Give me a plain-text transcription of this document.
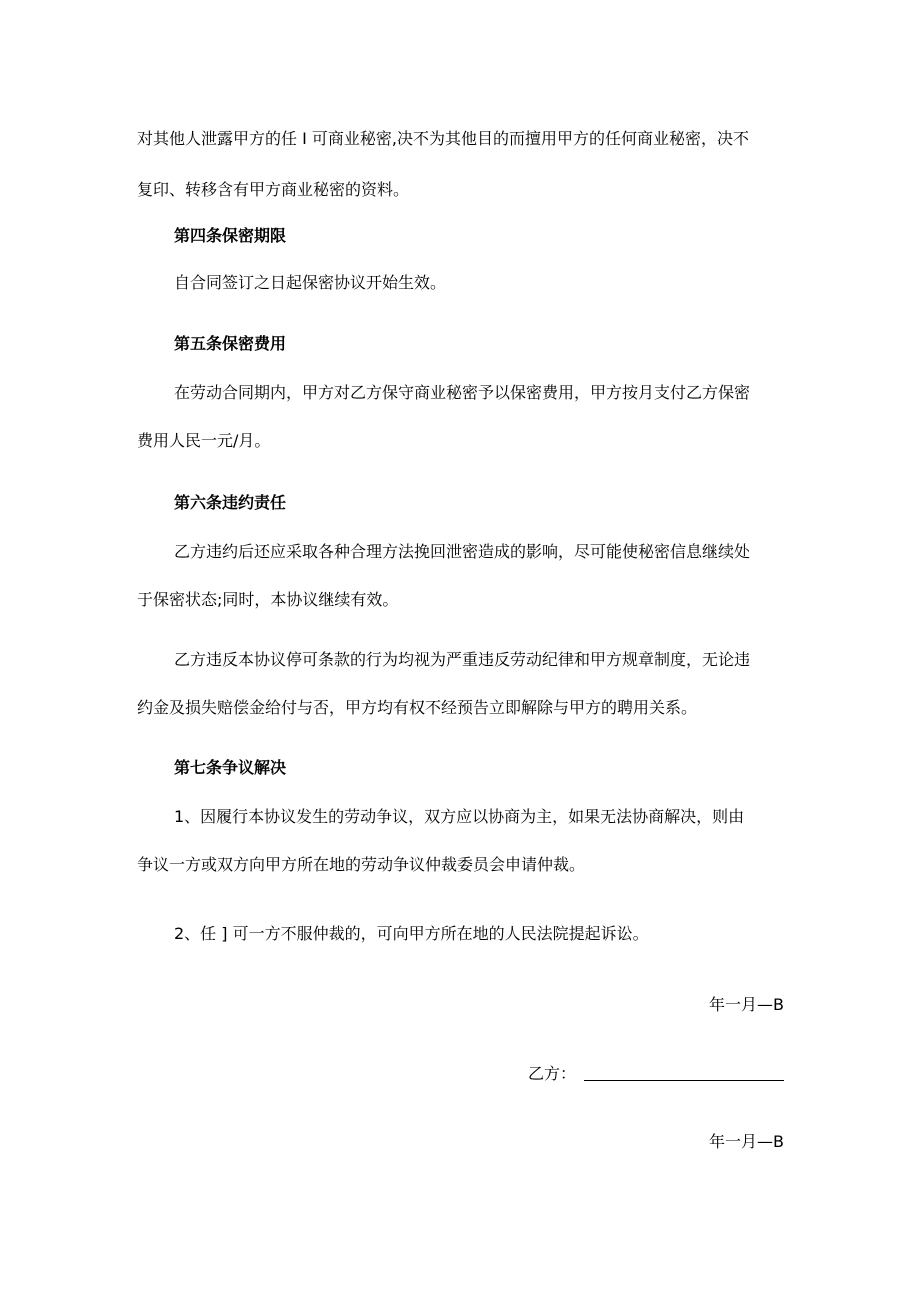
对其他人泄露甲方的任 I 可商业秘密,决不为其他目的而擅用甲方的任何商业秘密，决不
复印、转移含有甲方商业秘密的资料。
第四条保密期限
自合同签订之日起保密协议开始生效。
第五条保密费用
在劳动合同期内，甲方对乙方保守商业秘密予以保密费用，甲方按月支付乙方保密
费用人民一元/月。
第六条违约责任
乙方违约后还应采取各种合理方法挽回泄密造成的影响，尽可能使秘密信息继续处
于保密状态;同时，本协议继续有效。
乙方违反本协议停可条款的行为均视为严重违反劳动纪律和甲方规章制度，无论违
约金及损失赔偿金给付与否，甲方均有权不经预告立即解除与甲方的聘用关系。
第七条争议解决
1、因履行本协议发生的劳动争议，双方应以协商为主，如果无法协商解决，则由
争议一方或双方向甲方所在地的劳动争议仲裁委员会申请仲裁。
2、任 ] 可一方不服仲裁的，可向甲方所在地的人民法院提起诉讼。
年一月—B
乙方：
年一月—B
